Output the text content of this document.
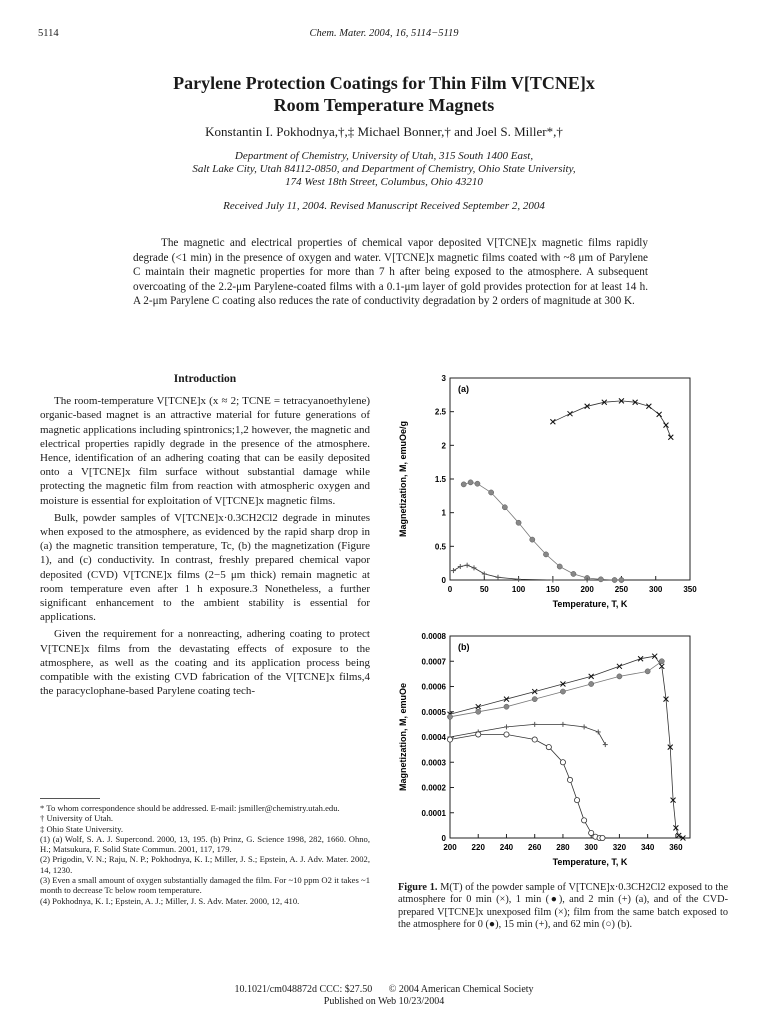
5114	Chem. Mater. 2004, 16, 5114−5119
Parylene Protection Coatings for Thin Film V[TCNE]x
Room Temperature Magnets
Konstantin I. Pokhodnya,†,‡ Michael Bonner,† and Joel S. Miller*,†
Department of Chemistry, University of Utah, 315 South 1400 East,
Salt Lake City, Utah 84112-0850, and Department of Chemistry, Ohio State University,
174 West 18th Street, Columbus, Ohio 43210
Received July 11, 2004. Revised Manuscript Received September 2, 2004

The magnetic and electrical properties of chemical vapor deposited V[TCNE]x magnetic films rapidly degrade (<1 min) in the presence of oxygen and water. V[TCNE]x magnetic films coated with ~8 μm of Parylene C maintain their magnetic properties for more than 7 h after being exposed to the atmosphere. A subsequent overcoating of the 2.2-μm Parylene-coated films with a 0.1-μm layer of gold provides protection for at least 14 h. A 2-μm Parylene C coating also reduces the rate of conductivity degradation by 2 orders of magnitude at 300 K.

Introduction

The room-temperature V[TCNE]x (x ≈ 2; TCNE = tetracyanoethylene) organic-based magnet is an attractive material for future generations of magnetic applications including spintronics;1,2 however, the magnetic and electrical properties rapidly degrade in the presence of the atmosphere. Hence, identification of an adhering coating that can be easily deposited onto a V[TCNE]x film surface without substantial damage while protecting the magnetic film from reaction with atmospheric oxygen and moisture is essential for exploitation of V[TCNE]x magnetic films.

Bulk, powder samples of V[TCNE]x·0.3CH2Cl2 degrade in minutes when exposed to the atmosphere, as evidenced by the rapid sharp drop in (a) the magnetic transition temperature, Tc, (b) the magnetization (Figure 1), and (c) conductivity. In contrast, freshly prepared chemical vapor deposited (CVD) V[TCNE]x films (2−5 μm thick) remain magnetic at room temperature even after 1 h exposure.3 Nonetheless, a further significant enhancement to the ambient stability is essential for applications.

Given the requirement for a nonreacting, adhering coating to protect V[TCNE]x films from the devastating effects of exposure to the atmosphere, as well as the coating and its application process being compatible with the existing CVD fabrication of the V[TCNE]x films,4 the paracyclophane-based Parylene coating tech-

* To whom correspondence should be addressed. E-mail: jsmiller@chemistry.utah.edu.

† University of Utah.

‡ Ohio State University.

(1) (a) Wolf, S. A. J. Supercond. 2000, 13, 195. (b) Prinz, G. Science 1998, 282, 1660. Ohno, H.; Matsukura, F. Solid State Commun. 2001, 117, 179.

(2) Prigodin, V. N.; Raju, N. P.; Pokhodnya, K. I.; Miller, J. S.; Epstein, A. J. Adv. Mater. 2002, 14, 1230.

(3) Even a small amount of oxygen substantially damaged the film. For ~10 ppm O2 it takes ~1 month to decrease Tc below room temperature.

(4) Pokhodnya, K. I.; Epstein, A. J.; Miller, J. S. Adv. Mater. 2000, 12, 410.

0	50	100	150	200	250	300	350
0
0.5
1
1.5
2
2.5
3
Temperature, T, K
Magnetization, M, emuOe/g
(a)
200 220 240 260 280 300 320 340 360
0
0.0001
0.0002
0.0003
0.0004
0.0005
0.0006
0.0007
0.0008
Temperature, T, K
Magnetization, M, emuOe
(b)

Figure 1. M(T) of the powder sample of V[TCNE]x·0.3CH2Cl2 exposed to the atmosphere for 0 min (×), 1 min (●), and 2 min (+) (a), and of the CVD-prepared V[TCNE]x unexposed film (×); film from the same batch exposed to the atmosphere for 0 (●), 15 min (+), and 62 min (○) (b).

10.1021/cm048872d CCC: $27.50 © 2004 American Chemical Society
Published on Web 10/23/2004
